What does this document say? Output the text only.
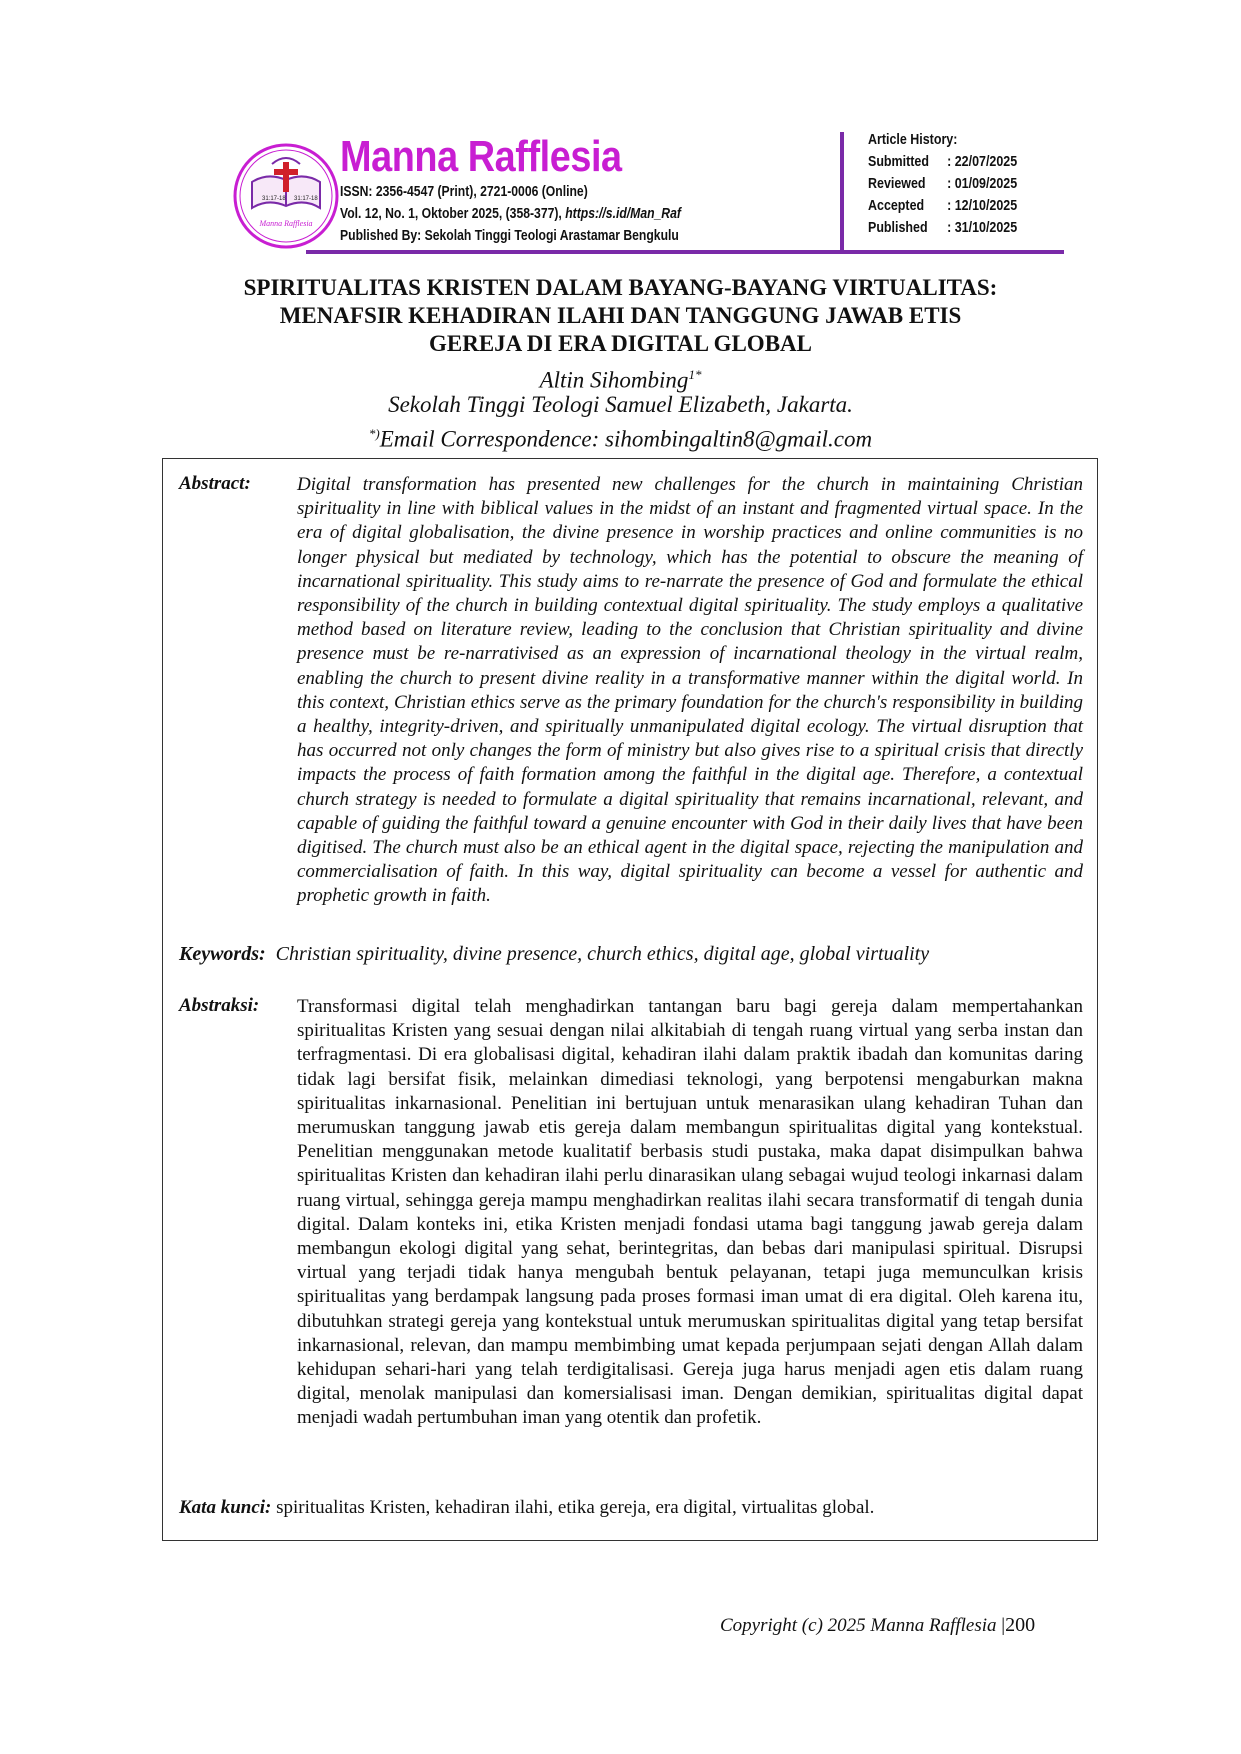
31:17-18 31:17-18
Manna Rafflesia
Manna Rafflesia
ISSN: 2356-4547 (Print), 2721-0006 (Online)
Vol. 12, No. 1, Oktober 2025, (358-377), https://s.id/Man_Raf
Published By: Sekolah Tinggi Teologi Arastamar Bengkulu
Article History:
Submitted : 22/07/2025
Reviewed : 01/09/2025
Accepted : 12/10/2025
Published : 31/10/2025
SPIRITUALITAS KRISTEN DALAM BAYANG-BAYANG VIRTUALITAS:
MENAFSIR KEHADIRAN ILAHI DAN TANGGUNG JAWAB ETIS
GEREJA DI ERA DIGITAL GLOBAL
Altin Sihombing$^{1*}$
Sekolah Tinggi Teologi Samuel Elizabeth, Jakarta.
*)Email Correspondence: sihombingaltin8@gmail.com
Abstract: Digital transformation has presented new challenges for the church in maintaining Christian spirituality in line with biblical values in the midst of an instant and fragmented virtual space. In the era of digital globalisation, the divine presence in worship practices and online communities is no longer physical but mediated by technology, which has the potential to obscure the meaning of incarnational spirituality. This study aims to re-narrate the presence of God and formulate the ethical responsibility of the church in building contextual digital spirituality. The study employs a qualitative method based on literature review, leading to the conclusion that Christian spirituality and divine presence must be re-narrativised as an expression of incarnational theology in the virtual realm, enabling the church to present divine reality in a transformative manner within the digital world. In this context, Christian ethics serve as the primary foundation for the church's responsibility in building a healthy, integrity-driven, and spiritually unmanipulated digital ecology. The virtual disruption that has occurred not only changes the form of ministry but also gives rise to a spiritual crisis that directly impacts the process of faith formation among the faithful in the digital age. Therefore, a contextual church strategy is needed to formulate a digital spirituality that remains incarnational, relevant, and capable of guiding the faithful toward a genuine encounter with God in their daily lives that have been digitised. The church must also be an ethical agent in the digital space, rejecting the manipulation and commercialisation of faith. In this way, digital spirituality can become a vessel for authentic and prophetic growth in faith.
Keywords: Christian spirituality, divine presence, church ethics, digital age, global virtuality
Abstraksi: Transformasi digital telah menghadirkan tantangan baru bagi gereja dalam mempertahankan spiritualitas Kristen yang sesuai dengan nilai alkitabiah di tengah ruang virtual yang serba instan dan terfragmentasi. Di era globalisasi digital, kehadiran ilahi dalam praktik ibadah dan komunitas daring tidak lagi bersifat fisik, melainkan dimediasi teknologi, yang berpotensi mengaburkan makna spiritualitas inkarnasional. Penelitian ini bertujuan untuk menarasikan ulang kehadiran Tuhan dan merumuskan tanggung jawab etis gereja dalam membangun spiritualitas digital yang kontekstual. Penelitian menggunakan metode kualitatif berbasis studi pustaka, maka dapat disimpulkan bahwa spiritualitas Kristen dan kehadiran ilahi perlu dinarasikan ulang sebagai wujud teologi inkarnasi dalam ruang virtual, sehingga gereja mampu menghadirkan realitas ilahi secara transformatif di tengah dunia digital. Dalam konteks ini, etika Kristen menjadi fondasi utama bagi tanggung jawab gereja dalam membangun ekologi digital yang sehat, berintegritas, dan bebas dari manipulasi spiritual. Disrupsi virtual yang terjadi tidak hanya mengubah bentuk pelayanan, tetapi juga memunculkan krisis spiritualitas yang berdampak langsung pada proses formasi iman umat di era digital. Oleh karena itu, dibutuhkan strategi gereja yang kontekstual untuk merumuskan spiritualitas digital yang tetap bersifat inkarnasional, relevan, dan mampu membimbing umat kepada perjumpaan sejati dengan Allah dalam kehidupan sehari-hari yang telah terdigitalisasi. Gereja juga harus menjadi agen etis dalam ruang digital, menolak manipulasi dan komersialisasi iman. Dengan demikian, spiritualitas digital dapat menjadi wadah pertumbuhan iman yang otentik dan profetik.
Kata kunci: spiritualitas Kristen, kehadiran ilahi, etika gereja, era digital, virtualitas global.
Copyright (c) 2025 Manna Rafflesia |200
